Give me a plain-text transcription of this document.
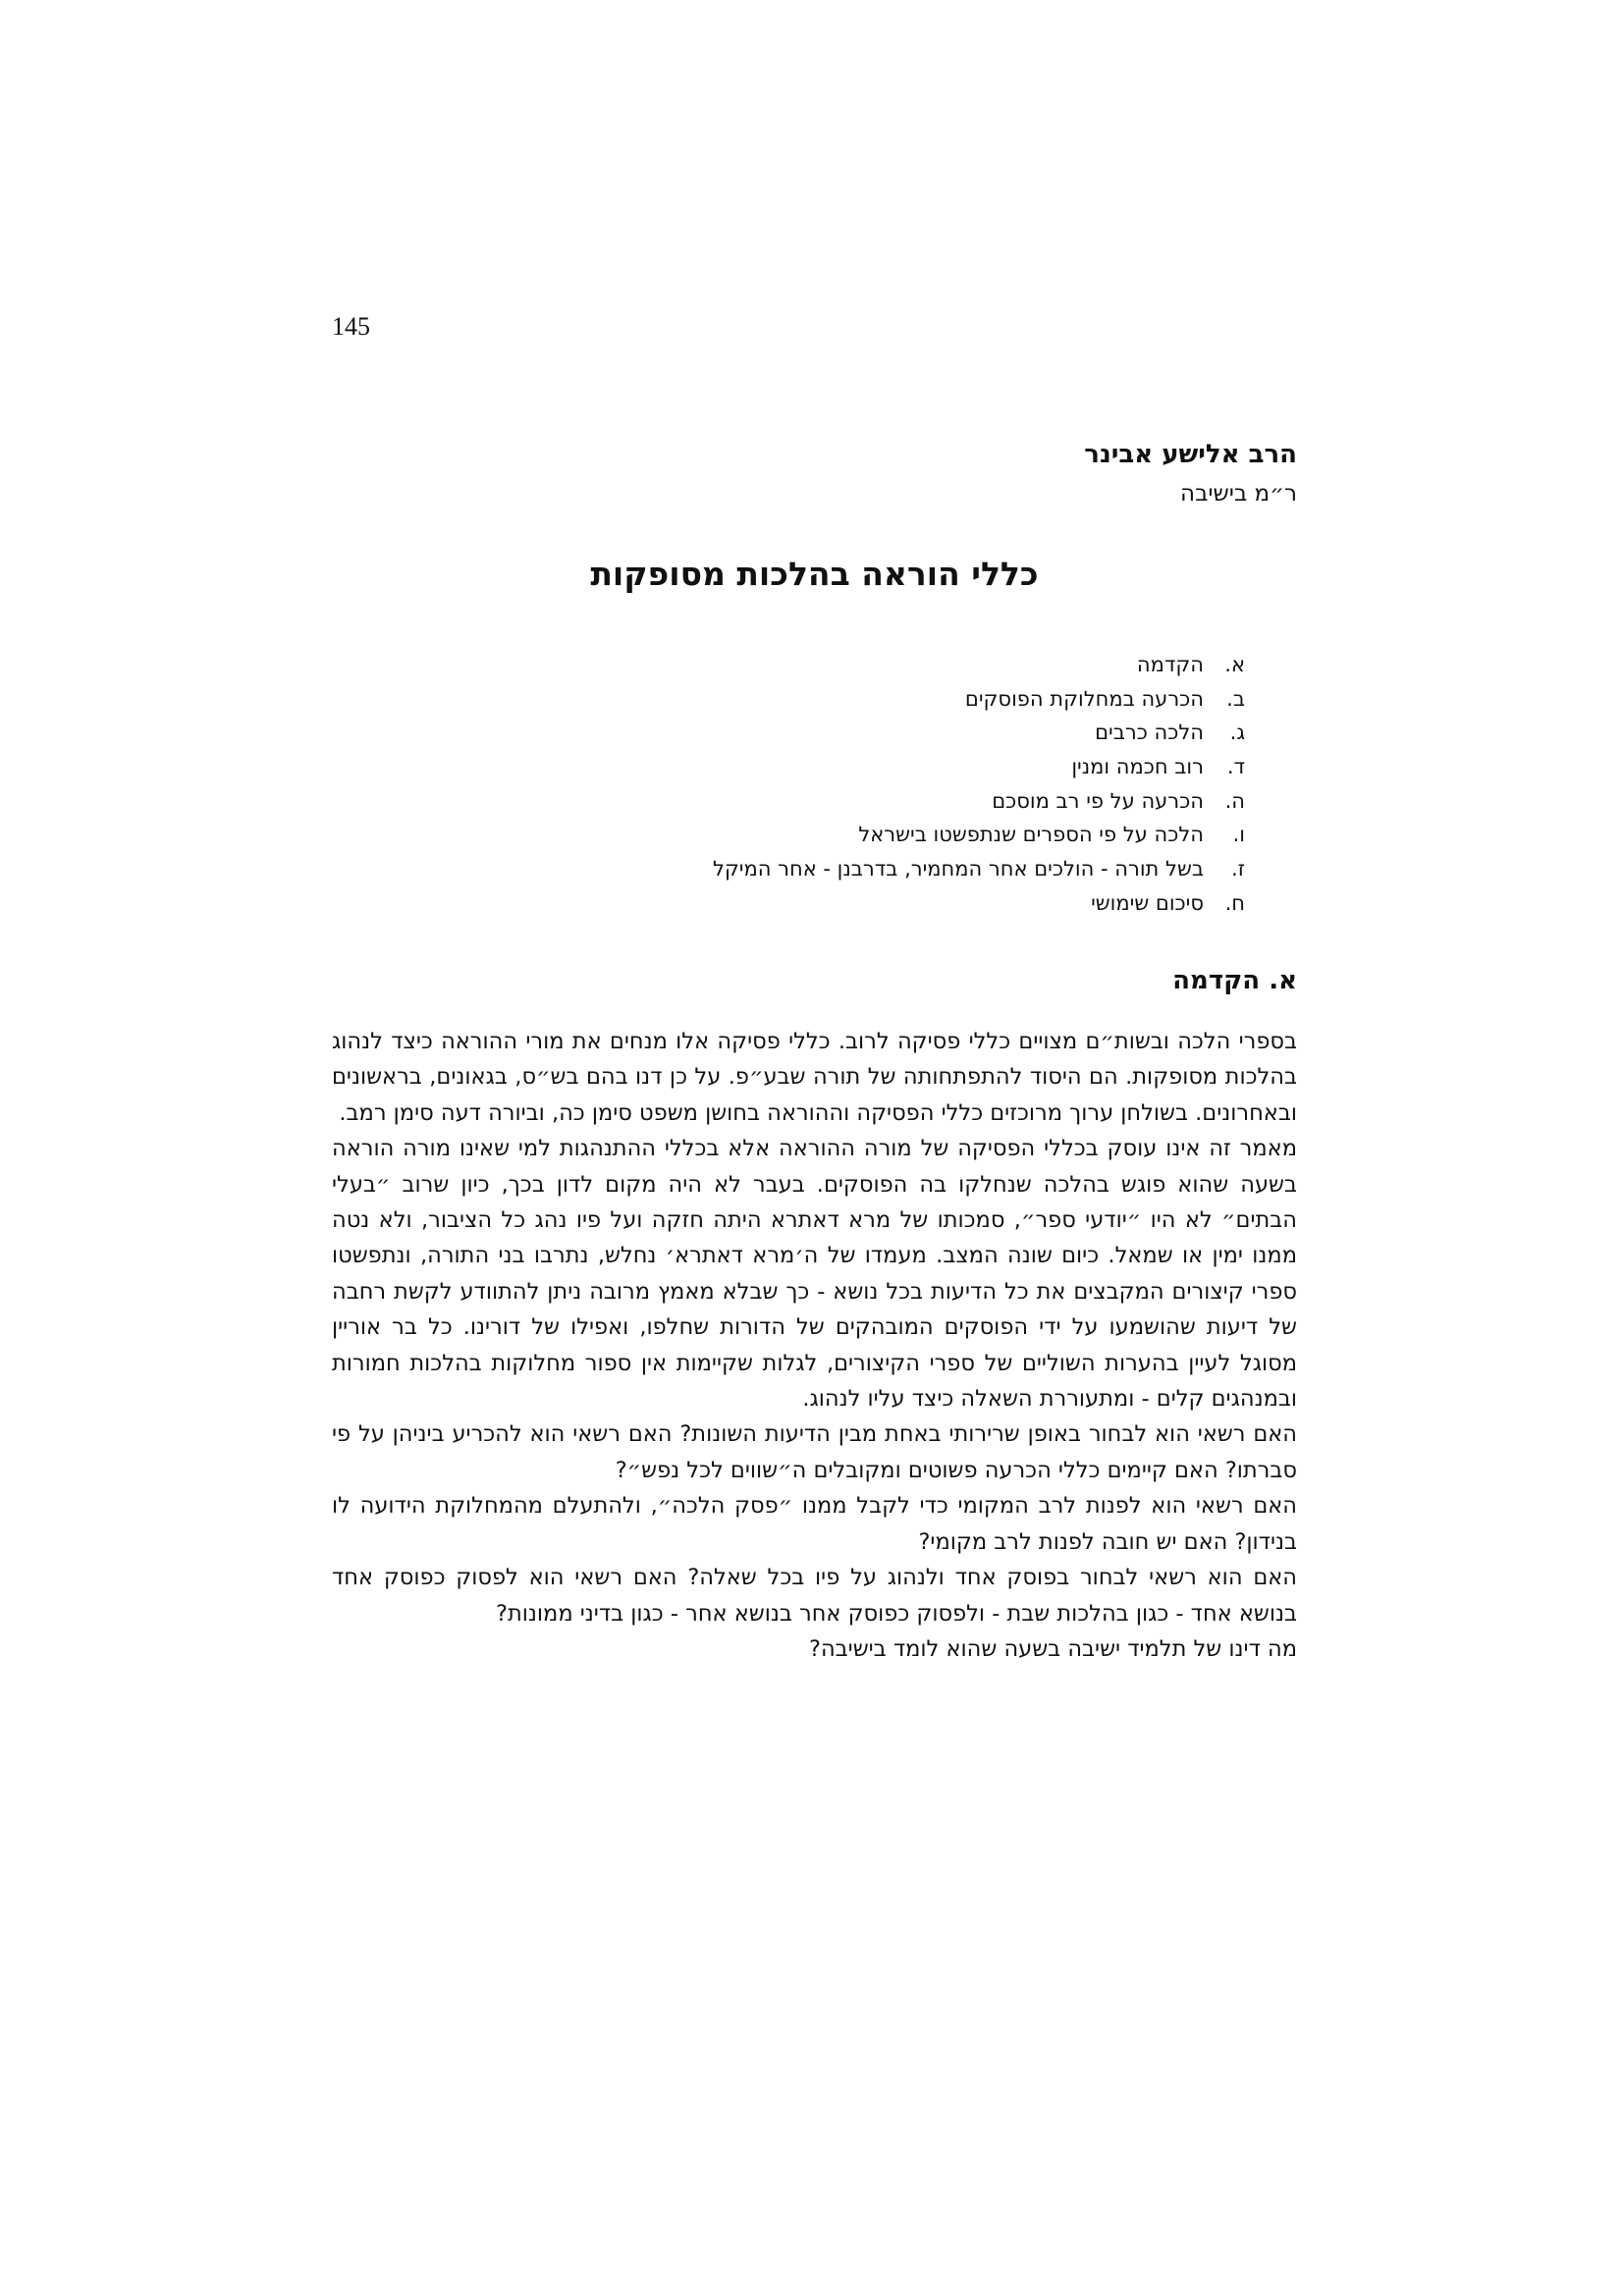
145
הרב אלישע אבינר
ר״מ בישיבה
כללי הוראה בהלכות מסופקות
א.הקדמה
ב.הכרעה במחלוקת הפוסקים
ג.הלכה כרבים
ד.רוב חכמה ומנין
ה.הכרעה על פי רב מוסכם
ו.הלכה על פי הספרים שנתפשטו בישראל
ז.בשל תורה - הולכים אחר המחמיר, בדרבנן - אחר המיקל
ח.סיכום שימושי
א. הקדמה

בספרי הלכה ובשות״ם מצויים כללי פסיקה לרוב. כללי פסיקה אלו מנחים את מורי ההוראה כיצד לנהוג בהלכות מסופקות. הם היסוד להתפתחותה של תורה שבע״פ. על כן דנו בהם בש״ס, בגאונים, בראשונים ובאחרונים. בשולחן ערוך מרוכזים כללי הפסיקה וההוראה בחושן משפט סימן כה, וביורה דעה סימן רמב.

מאמר זה אינו עוסק בכללי הפסיקה של מורה ההוראה אלא בכללי ההתנהגות למי שאינו מורה הוראה בשעה שהוא פוגש בהלכה שנחלקו בה הפוסקים. בעבר לא היה מקום לדון בכך, כיון שרוב ״בעלי הבתים״ לא היו ״יודעי ספר״, סמכותו של מרא דאתרא היתה חזקה ועל פיו נהג כל הציבור, ולא נטה ממנו ימין או שמאל. כיום שונה המצב. מעמדו של ה׳מרא דאתרא׳ נחלש, נתרבו בני התורה, ונתפשטו ספרי קיצורים המקבצים את כל הדיעות בכל נושא - כך שבלא מאמץ מרובה ניתן להתוודע לקשת רחבה של דיעות שהושמעו על ידי הפוסקים המובהקים של הדורות שחלפו, ואפילו של דורינו. כל בר אוריין מסוגל לעיין בהערות השוליים של ספרי הקיצורים, לגלות שקיימות אין ספור מחלוקות בהלכות חמורות ובמנהגים קלים - ומתעוררת השאלה כיצד עליו לנהוג.

האם רשאי הוא לבחור באופן שרירותי באחת מבין הדיעות השונות? האם רשאי הוא להכריע ביניהן על פי סברתו? האם קיימים כללי הכרעה פשוטים ומקובלים ה״שווים לכל נפש״?

האם רשאי הוא לפנות לרב המקומי כדי לקבל ממנו ״פסק הלכה״, ולהתעלם מהמחלוקת הידועה לו בנידון? האם יש חובה לפנות לרב מקומי?

האם הוא רשאי לבחור בפוסק אחד ולנהוג על פיו בכל שאלה? האם רשאי הוא לפסוק כפוסק אחד בנושא אחד - כגון בהלכות שבת - ולפסוק כפוסק אחר בנושא אחר - כגון בדיני ממונות?

מה דינו של תלמיד ישיבה בשעה שהוא לומד בישיבה?
